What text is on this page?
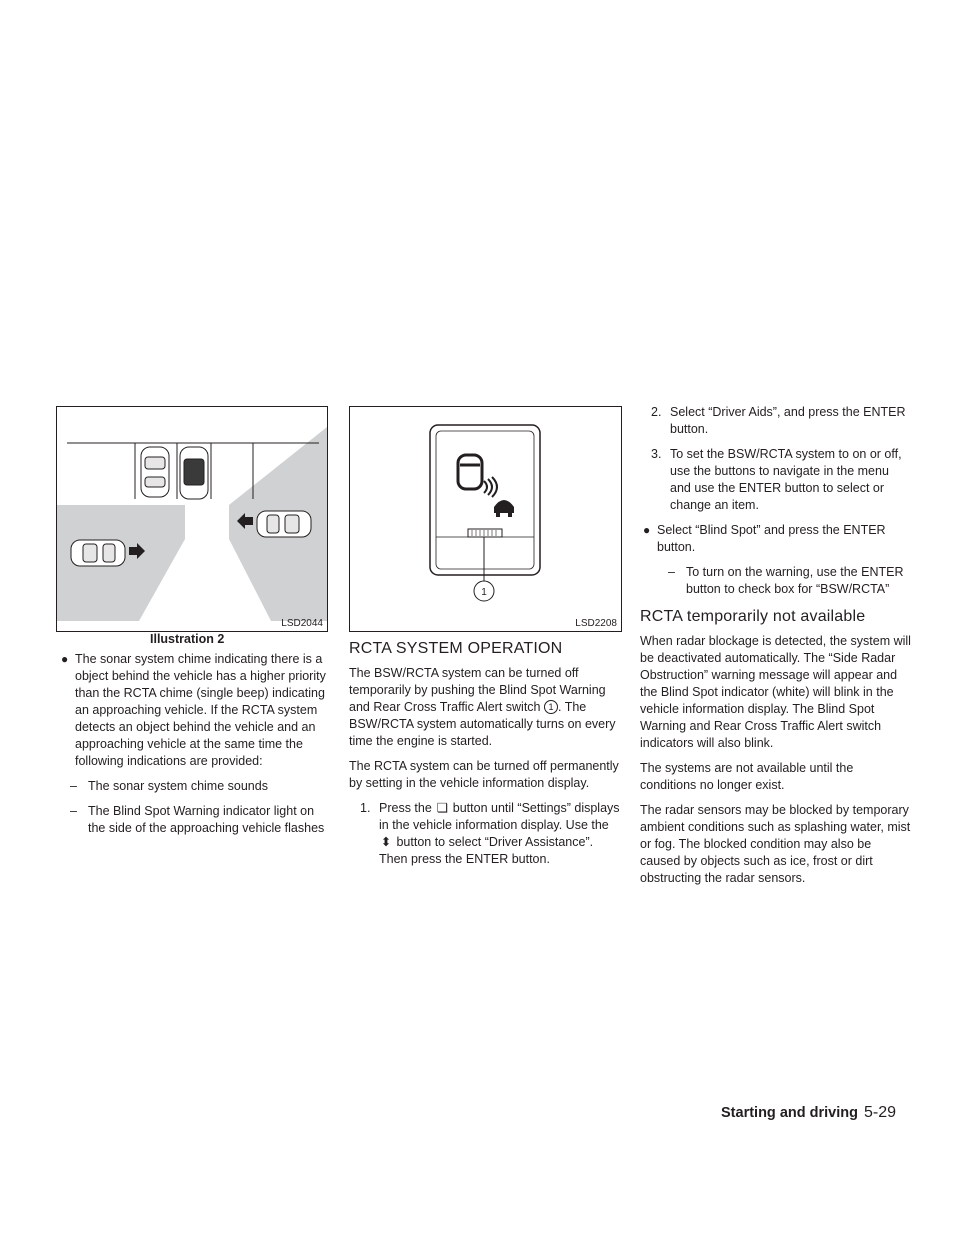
LSD2044
Illustration 2
1
LSD2208
● The sonar system chime indicating there is a object behind the vehicle has a higher priority than the RCTA chime (single beep) indicating an approaching vehicle. If the RCTA system detects an object behind the vehicle and an approaching vehicle at the same time the following indications are provided:
– The sonar system chime sounds
– The Blind Spot Warning indicator light on the side of the approaching vehicle flashes
RCTA SYSTEM OPERATION

The BSW/RCTA system can be turned off temporarily by pushing the Blind Spot Warning and Rear Cross Traffic Alert switch 1 . The BSW/RCTA system automatically turns on every time the engine is started.

The RCTA system can be turned off permanently by setting in the vehicle information display.

1. Press the ❑ button until “Settings” displays in the vehicle information display. Use the ⬍ button to select “Driver Assistance”. Then press the ENTER button.
2. Select “Driver Aids”, and press the ENTER button.
3. To set the BSW/RCTA system to on or off, use the buttons to navigate in the menu and use the ENTER button to select or change an item.
● Select “Blind Spot” and press the ENTER button.
– To turn on the warning, use the ENTER button to check box for “BSW/RCTA”
RCTA temporarily not available

When radar blockage is detected, the system will be deactivated automatically. The “Side Radar Obstruction” warning message will appear and the Blind Spot indicator (white) will blink in the vehicle information display. The Blind Spot Warning and Rear Cross Traffic Alert switch indicators will also blink.

The systems are not available until the conditions no longer exist.

The radar sensors may be blocked by temporary ambient conditions such as splashing water, mist or fog. The blocked condition may also be caused by objects such as ice, frost or dirt obstructing the radar sensors.

Starting and driving 5-29
